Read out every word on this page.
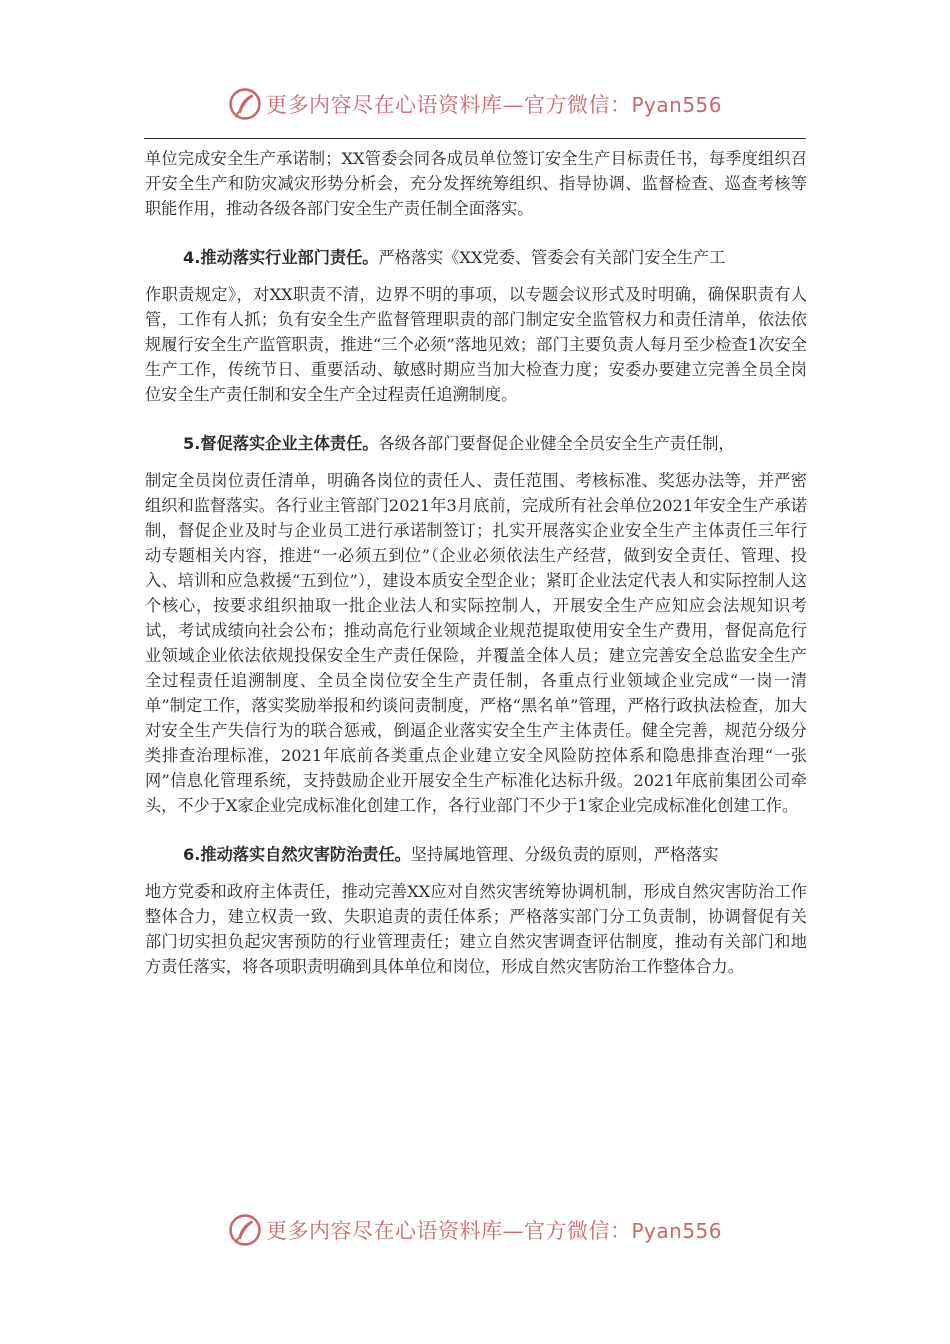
更多内容尽在心语资料库—官方微信：Pyan556

单位完成安全生产承诺制；XX管委会同各成员单位签订安全生产目标责任书，每季度组织召开安全生产和防灾减灾形势分析会，充分发挥统筹组织、指导协调、监督检查、巡查考核等职能作用，推动各级各部门安全生产责任制全面落实。

4.推动落实行业部门责任。严格落实《XX党委、管委会有关部门安全生产工

作职责规定》，对XX职责不清，边界不明的事项，以专题会议形式及时明确，确保职责有人管，工作有人抓；负有安全生产监督管理职责的部门制定安全监管权力和责任清单，依法依规履行安全生产监管职责，推进“三个必须”落地见效；部门主要负责人每月至少检查1次安全生产工作，传统节日、重要活动、敏感时期应当加大检查力度；安委办要建立完善全员全岗位安全生产责任制和安全生产全过程责任追溯制度。

5.督促落实企业主体责任。各级各部门要督促企业健全全员安全生产责任制，

制定全员岗位责任清单，明确各岗位的责任人、责任范围、考核标准、奖惩办法等，并严密组织和监督落实。各行业主管部门2021年3月底前，完成所有社会单位2021年安全生产承诺制，督促企业及时与企业员工进行承诺制签订；扎实开展落实企业安全生产主体责任三年行动专题相关内容，推进“一必须五到位”（企业必须依法生产经营，做到安全责任、管理、投入、培训和应急救援“五到位”），建设本质安全型企业；紧盯企业法定代表人和实际控制人这个核心，按要求组织抽取一批企业法人和实际控制人，开展安全生产应知应会法规知识考试，考试成绩向社会公布；推动高危行业领域企业规范提取使用安全生产费用，督促高危行业领域企业依法依规投保安全生产责任保险，并覆盖全体人员；建立完善安全总监安全生产全过程责任追溯制度、全员全岗位安全生产责任制，各重点行业领域企业完成“一岗一清单”制定工作，落实奖励举报和约谈问责制度，严格“黑名单”管理，严格行政执法检查，加大对安全生产失信行为的联合惩戒，倒逼企业落实安全生产主体责任。健全完善，规范分级分类排查治理标准，2021年底前各类重点企业建立安全风险防控体系和隐患排查治理“一张网”信息化管理系统，支持鼓励企业开展安全生产标准化达标升级。2021年底前集团公司牵头，不少于X家企业完成标准化创建工作，各行业部门不少于1家企业完成标准化创建工作。

6.推动落实自然灾害防治责任。坚持属地管理、分级负责的原则，严格落实

地方党委和政府主体责任，推动完善XX应对自然灾害统筹协调机制，形成自然灾害防治工作整体合力，建立权责一致、失职追责的责任体系；严格落实部门分工负责制，协调督促有关部门切实担负起灾害预防的行业管理责任；建立自然灾害调查评估制度，推动有关部门和地方责任落实，将各项职责明确到具体单位和岗位，形成自然灾害防治工作整体合力。

更多内容尽在心语资料库—官方微信：Pyan556
